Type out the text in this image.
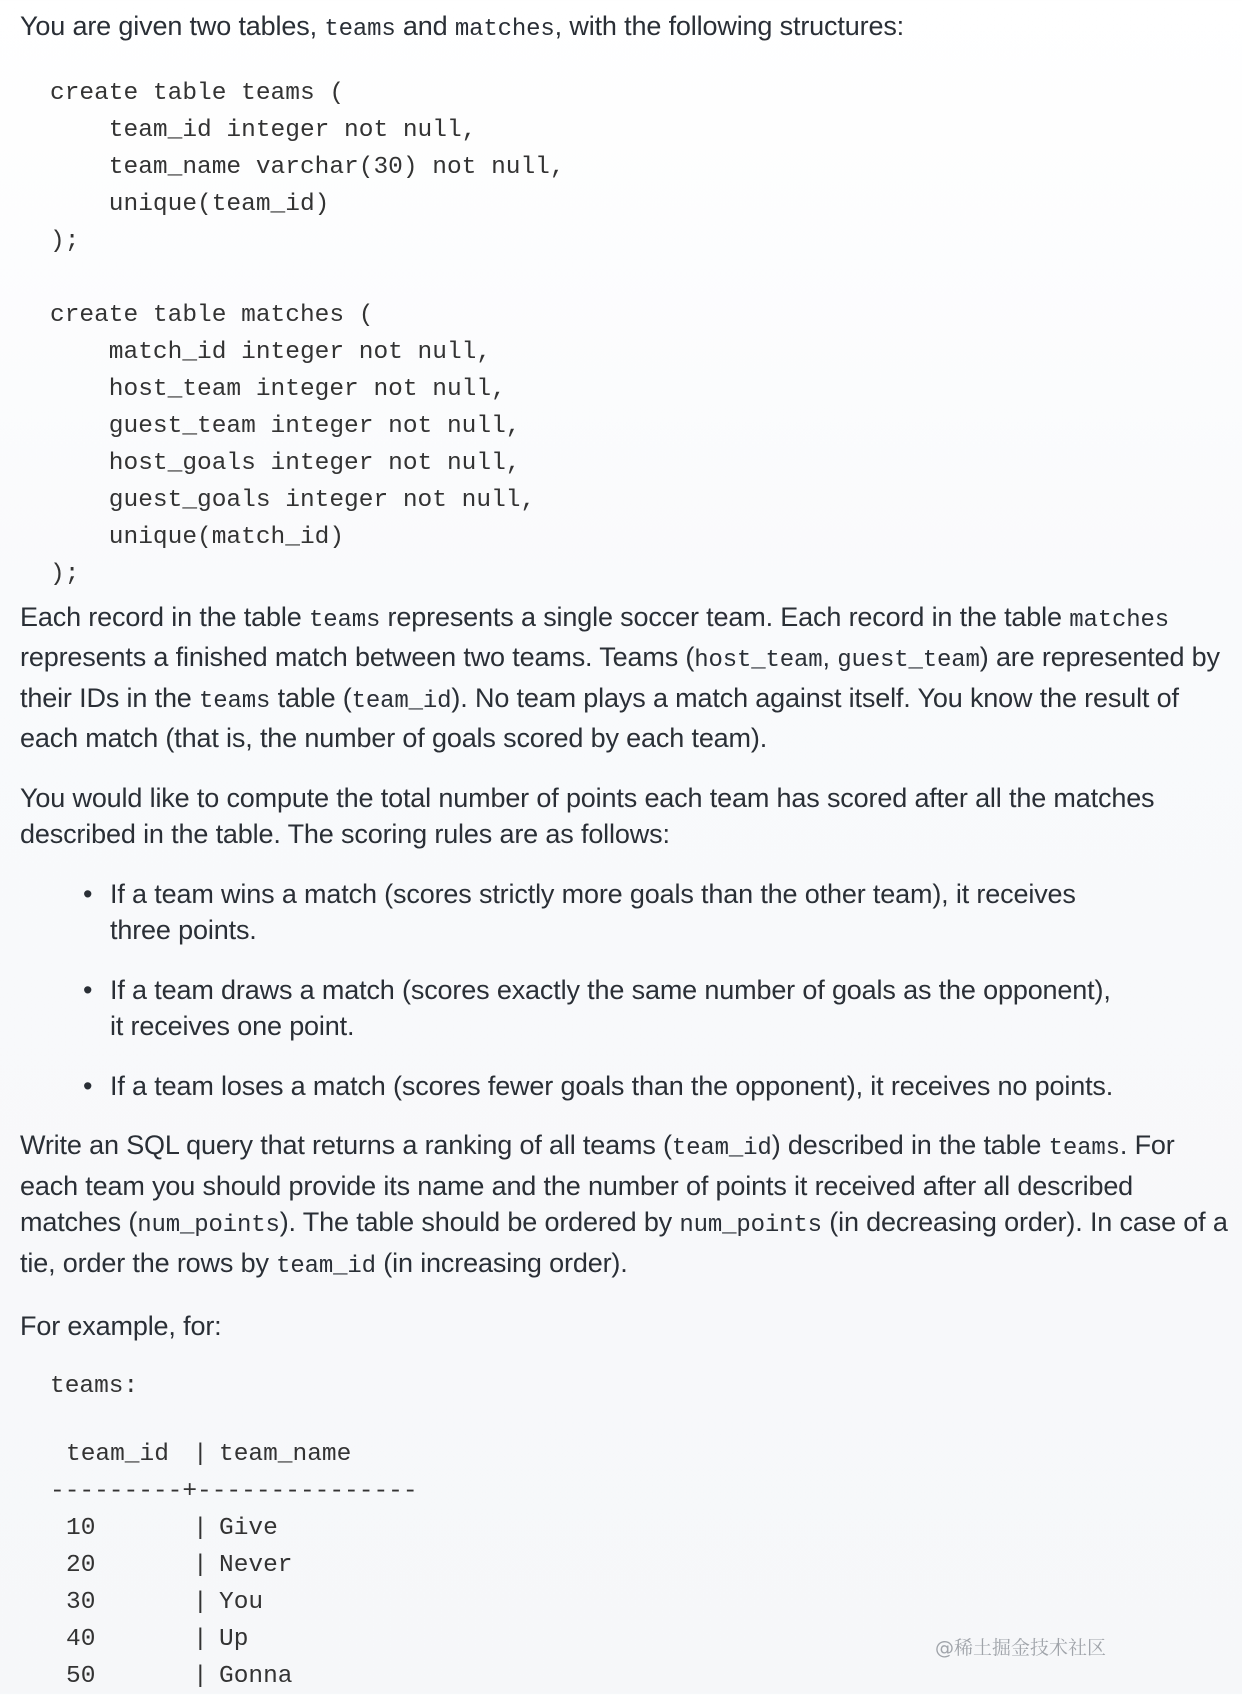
You are given two tables, teams and matches, with the following structures:

create table teams (
team_id integer not null,
team_name varchar(30) not null,
unique(team_id)
);

create table matches (
match_id integer not null,
host_team integer not null,
guest_team integer not null,
host_goals integer not null,
guest_goals integer not null,
unique(match_id)
);

Each record in the table teams represents a single soccer team. Each record in the table matches represents a finished match between two teams. Teams (host_team, guest_team) are represented by their IDs in the teams table (team_id). No team plays a match against itself. You know the result of each match (that is, the number of goals scored by each team).

You would like to compute the total number of points each team has scored after all the matches described in the table. The scoring rules are as follows:

• If a team wins a match (scores strictly more goals than the other team), it receives three points.
• If a team draws a match (scores exactly the same number of goals as the opponent), it receives one point.
• If a team loses a match (scores fewer goals than the opponent), it receives no points.

Write an SQL query that returns a ranking of all teams (team_id) described in the table teams. For each team you should provide its name and the number of points it received after all described matches (num_points). The table should be ordered by num_points (in decreasing order). In case of a tie, order the rows by team_id (in increasing order).

For example, for:

teams:
team_id | team_name
---------+---------------
10	| Give
20	| Never
30	| You
40	| Up
50	| Gonna
@稀土掘金技术社区
